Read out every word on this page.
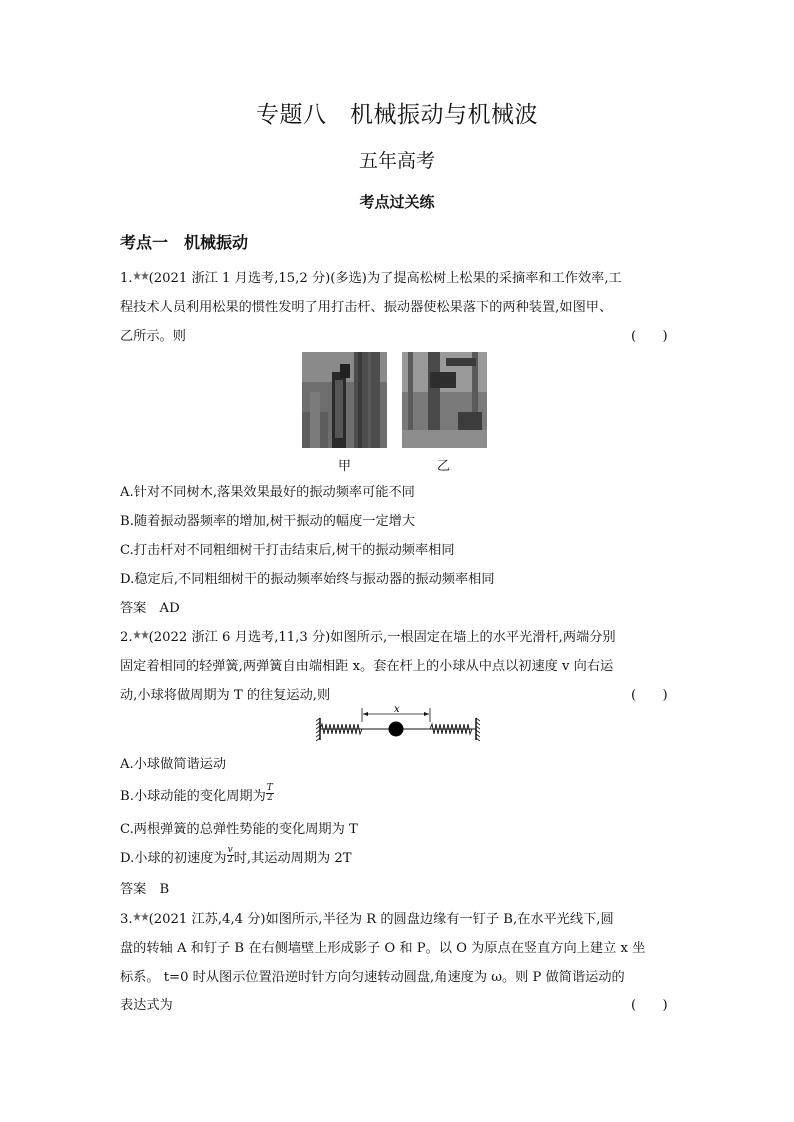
专题八　机械振动与机械波
五年高考
考点过关练
考点一　机械振动
1. (2021 浙江 1 月选考,15,2 分)(多选)为了提高松树上松果的采摘率和工作效率,工
程技术人员利用松果的惯性发明了用打击杆、振动器使松果落下的两种装置,如图甲、
乙所示。则	(　　)
甲	乙
A.针对不同树木,落果效果最好的振动频率可能不同
B.随着振动器频率的增加,树干振动的幅度一定增大
C.打击杆对不同粗细树干打击结束后,树干的振动频率相同
D.稳定后,不同粗细树干的振动频率始终与振动器的振动频率相同
答案　AD
2. (2022 浙江 6 月选考,11,3 分)如图所示,一根固定在墙上的水平光滑杆,两端分别
固定着相同的轻弹簧,两弹簧自由端相距 x。套在杆上的小球从中点以初速度 v 向右运
动,小球将做周期为 T 的往复运动,则	(　　)
x
A.小球做简谐运动
B.小球动能的变化周期为 $\frac{T}{2}$
C.两根弹簧的总弹性势能的变化周期为 T
D.小球的初速度为 $\frac{v}{2}$ 时,其运动周期为 2T
答案　B
3. (2021 江苏,4,4 分)如图所示,半径为 R 的圆盘边缘有一钉子 B,在水平光线下,圆
盘的转轴 A 和钉子 B 在右侧墙壁上形成影子 O 和 P。以 O 为原点在竖直方向上建立 x 坐
标系。 t=0 时从图示位置沿逆时针方向匀速转动圆盘,角速度为 ω。则 P 做简谐运动的
表达式为	(　　)
